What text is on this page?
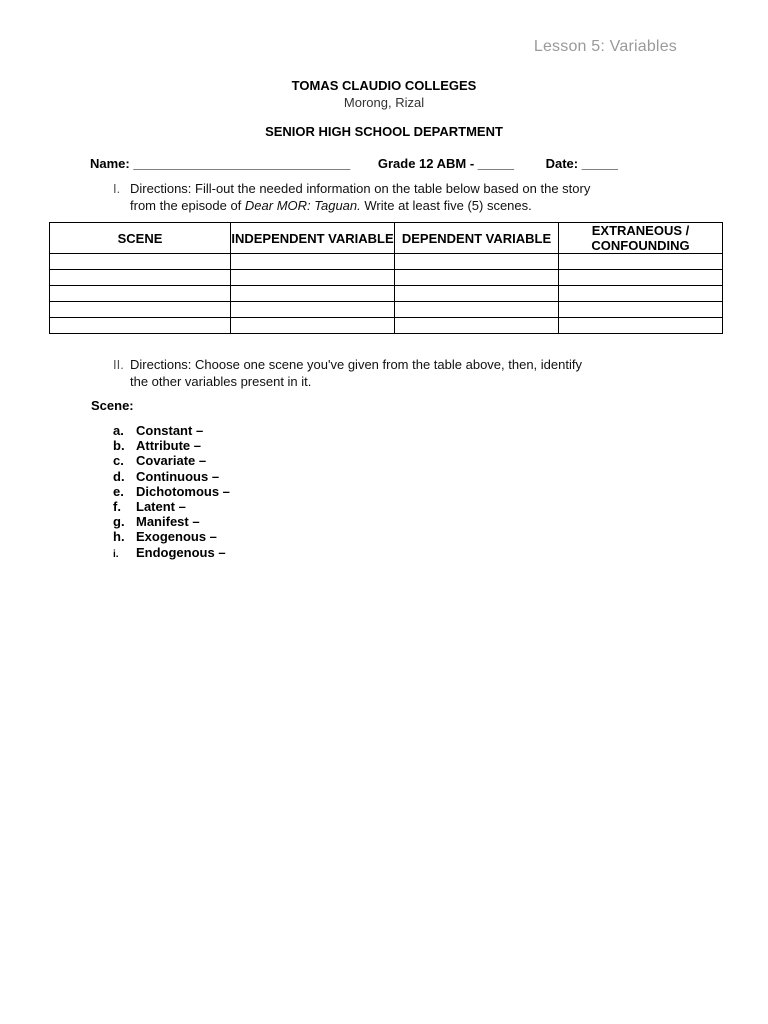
Lesson 5: Variables
TOMAS CLAUDIO COLLEGES
Morong, Rizal
SENIOR HIGH SCHOOL DEPARTMENT
Name: ______________________________ Grade 12 ABM - _____ Date: _____
I. Directions: Fill-out the needed information on the table below based on the story
from the episode of Dear MOR: Taguan. Write at least five (5) scenes.
SCENE	INDEPENDENT VARIABLE	DEPENDENT VARIABLE	EXTRANEOUS / CONFOUNDING

II. Directions: Choose one scene you've given from the table above, then, identify
the other variables present in it.
Scene:
a. Constant –
b. Attribute –
c. Covariate –
d. Continuous –
e. Dichotomous –
f. Latent –
g. Manifest –
h. Exogenous –
i. Endogenous –
